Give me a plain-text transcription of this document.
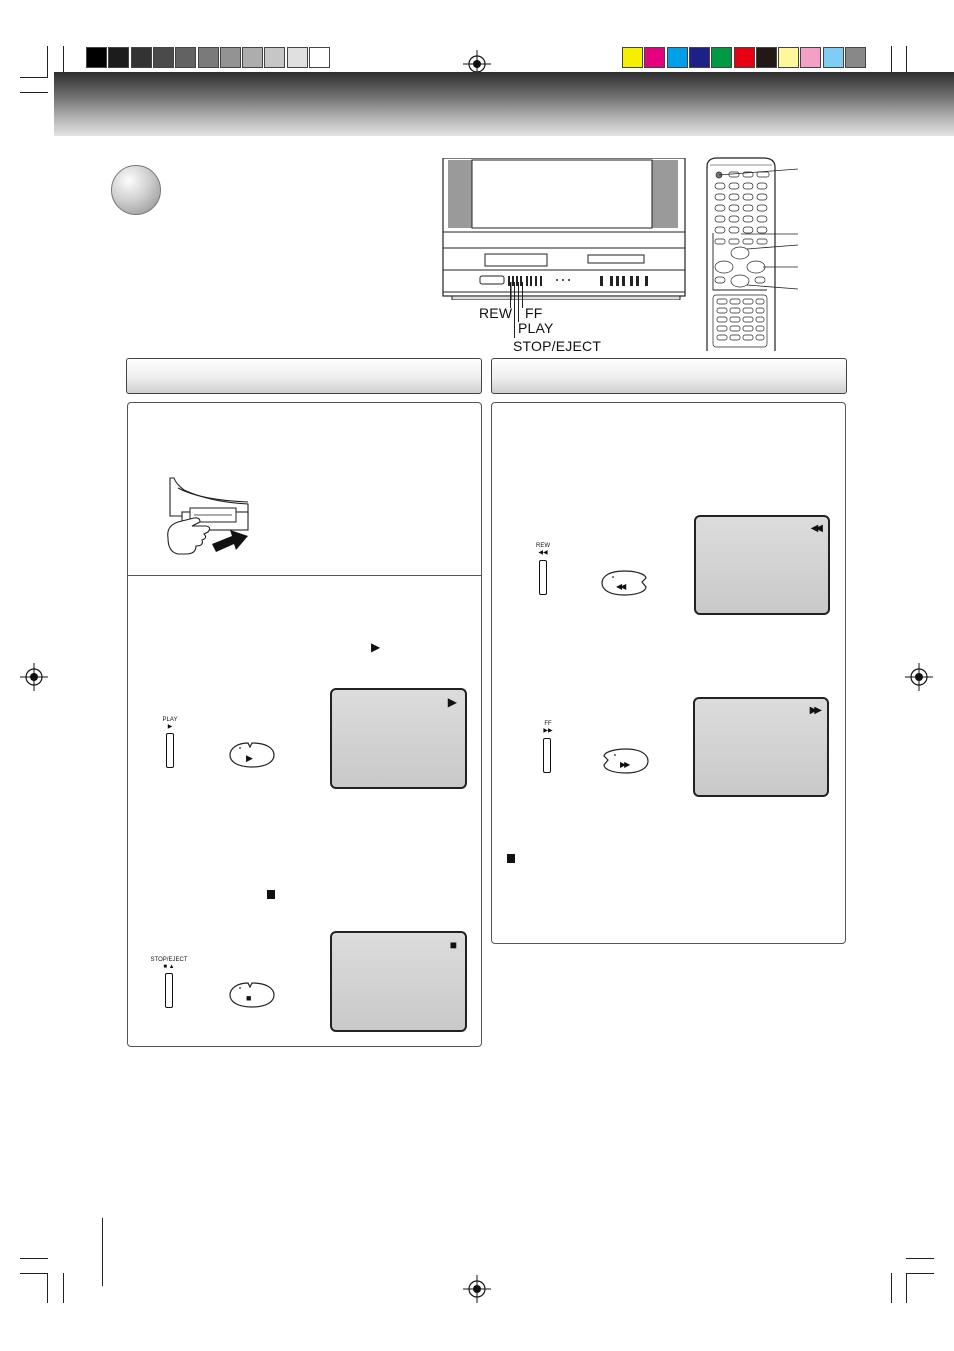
REW FF
PLAY
STOP/EJECT
▶
PLAY
▶
▶
▶
STOP/EJECT
■ ▲
■
■
REW
◀◀
◀◀
◀◀
FF
▶▶
▶▶
▶▶
